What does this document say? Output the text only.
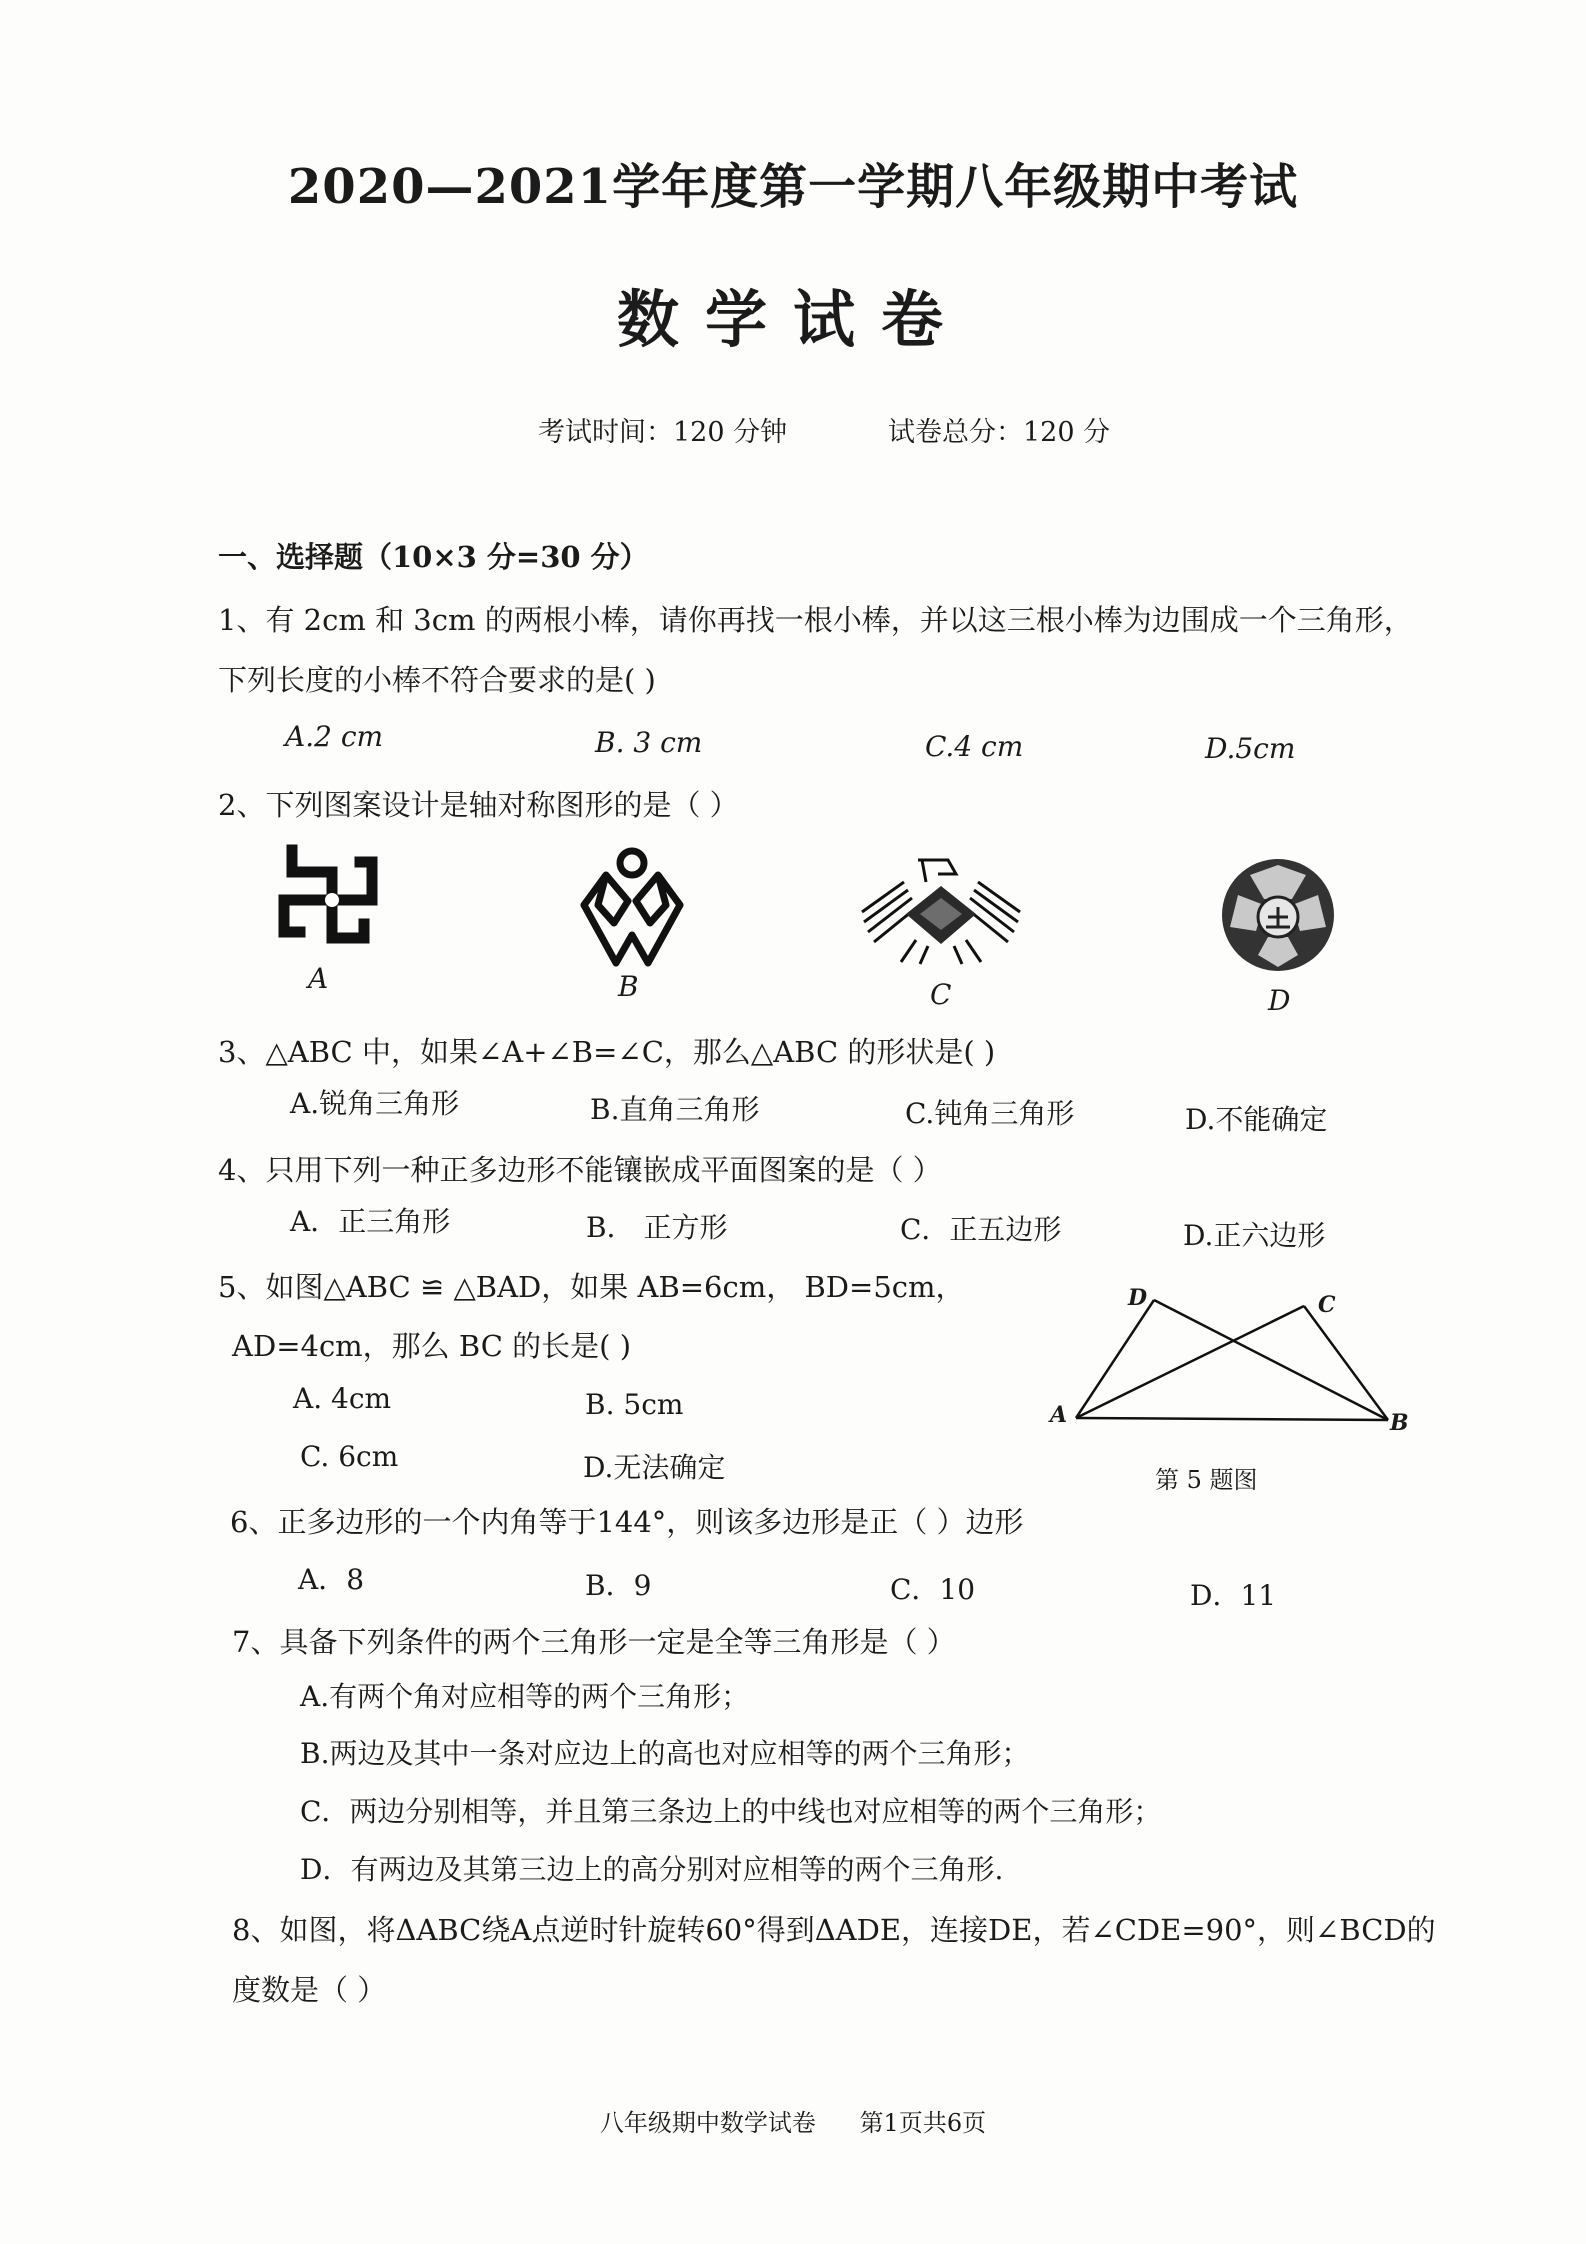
2020—2021学年度第一学期八年级期中考试
数学试卷
考试时间：120 分钟	试卷总分：120 分
一、选择题（10×3 分=30 分）
1、有 2cm 和 3cm 的两根小棒，请你再找一根小棒，并以这三根小棒为边围成一个三角形，
下列长度的小棒不符合要求的是( )
A.2 cm	B. 3 cm	C.4 cm	D.5cm
2、下列图案设计是轴对称图形的是（ ）
A	B	C	D
3、△ABC 中，如果∠A+∠B=∠C，那么△ABC 的形状是( )
A.锐角三角形	B.直角三角形	C.钝角三角形	D.不能确定
4、只用下列一种正多边形不能镶嵌成平面图案的是（ ）
A．正三角形	B． 正方形	C．正五边形	D.正六边形
5、如图△ABC ≌ △BAD，如果 AB=6cm， BD=5cm，
AD=4cm，那么 BC 的长是( )
A. 4cm	B. 5cm
C. 6cm	D.无法确定
D	C
A	B
第 5 题图
6、正多边形的一个内角等于144°，则该多边形是正（ ）边形
A．8	B．9	C．10	D．11
7、具备下列条件的两个三角形一定是全等三角形是（ ）
A.有两个角对应相等的两个三角形；
B.两边及其中一条对应边上的高也对应相等的两个三角形；
C．两边分别相等，并且第三条边上的中线也对应相等的两个三角形；
D．有两边及其第三边上的高分别对应相等的两个三角形.
8、如图，将ΔABC绕A点逆时针旋转60°得到ΔADE，连接DE，若∠CDE=90°，则∠BCD的
度数是（ ）
八年级期中数学试卷 第1页共6页
